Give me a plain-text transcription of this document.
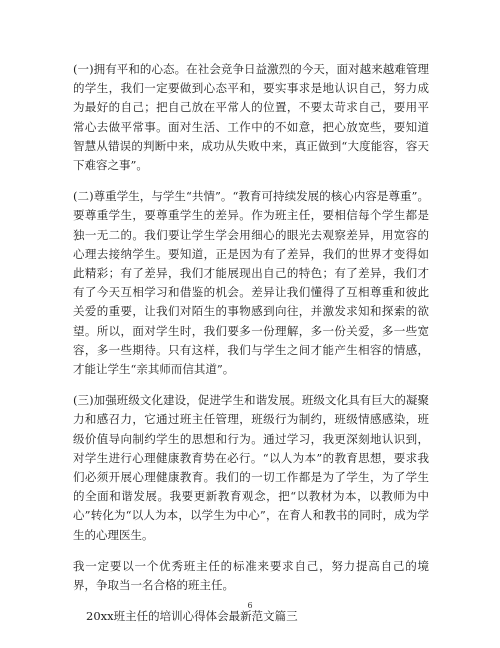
(一)拥有平和的心态。在社会竞争日益激烈的今天，面对越来越难管理的学生，我们一定要做到心态平和，要实事求是地认识自己，努力成为最好的自己；把自己放在平常人的位置，不要太苛求自己，要用平常心去做平常事。面对生活、工作中的不如意，把心放宽些，要知道智慧从错误的判断中来，成功从失败中来，真正做到“大度能容，容天下难容之事”。

(二)尊重学生，与学生“共情”。“教育可持续发展的核心内容是尊重”。要尊重学生，要尊重学生的差异。作为班主任，要相信每个学生都是独一无二的。我们要让学生学会用细心的眼光去观察差异，用宽容的心理去接纳学生。要知道，正是因为有了差异，我们的世界才变得如此精彩；有了差异，我们才能展现出自己的特色；有了差异，我们才有了今天互相学习和借鉴的机会。差异让我们懂得了互相尊重和彼此关爱的重要，让我们对陌生的事物感到向往，并激发求知和探索的欲望。所以，面对学生时，我们要多一份理解，多一份关爱，多一些宽容，多一些期待。只有这样，我们与学生之间才能产生相容的情感，才能让学生“亲其师而信其道”。

(三)加强班级文化建设，促进学生和谐发展。班级文化具有巨大的凝聚力和感召力，它通过班主任管理，班级行为制约，班级情感感染，班级价值导向制约学生的思想和行为。通过学习，我更深刻地认识到，对学生进行心理健康教育势在必行。“以人为本”的教育思想，要求我们必须开展心理健康教育。我们的一切工作都是为了学生，为了学生的全面和谐发展。我要更新教育观念，把“以教材为本，以教师为中心”转化为“以人为本，以学生为中心”，在育人和教书的同时，成为学生的心理医生。

我一定要以一个优秀班主任的标准来要求自己，努力提高自己的境界，争取当一名合格的班主任。

20xx班主任的培训心得体会最新范文篇三

6
